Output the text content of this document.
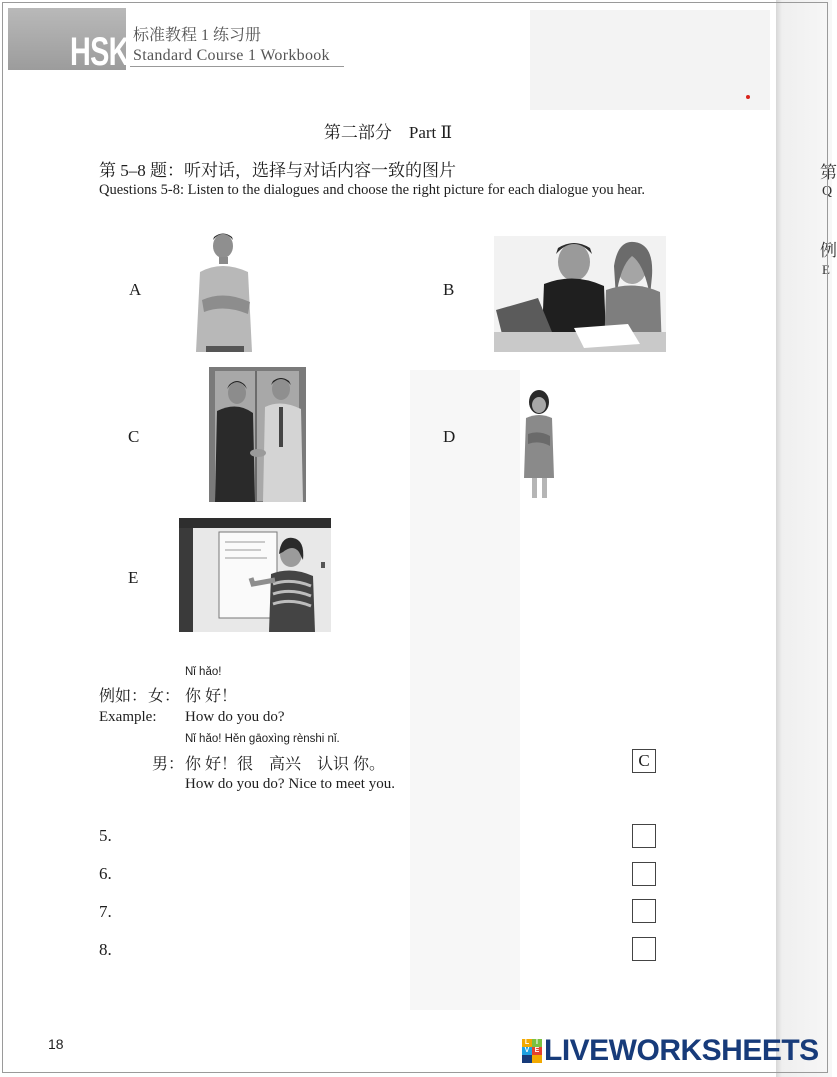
第
Q
例
E
HSK 标准教程 1 练习册
Standard Course 1 Workbook
第二部分　Part Ⅱ
第 5–8 题：听对话，选择与对话内容一致的图片
Questions 5-8: Listen to the dialogues and choose the right picture for each dialogue you hear.
A	B
C	D
E
Nǐ hǎo!
例如： 女： 你 好！
Example: How do you do?
Nǐ hǎo! Hěn gāoxìng rènshi nǐ.
男： 你 好！很　高兴　认识 你。
How do you do? Nice to meet you.
C
5.
6.
7.
8.
18	L I
V E LIVEWORKSHEETS
